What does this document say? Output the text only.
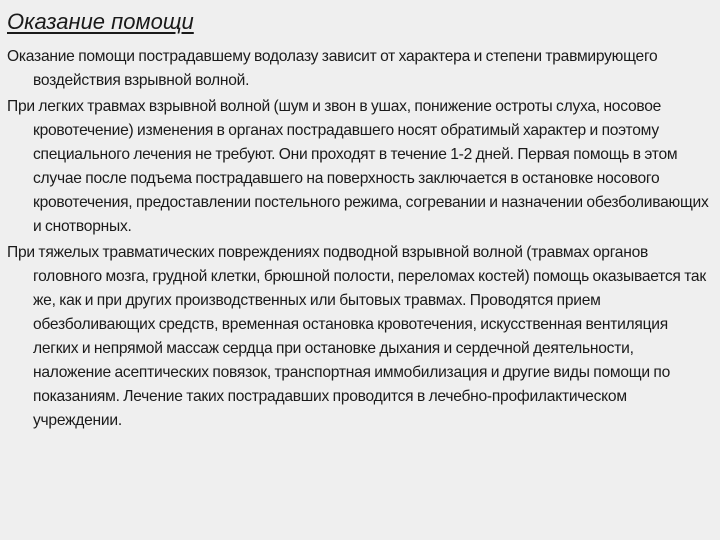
Оказание помощи

Оказание помощи пострадавшему водолазу зависит от характера и степени травмирующего воздействия взрывной волной.

При легких травмах взрывной волной (шум и звон в ушах, понижение остроты слуха, носовое кровотечение) изменения в органах пострадавшего носят обратимый характер и поэтому специального лечения не требуют. Они проходят в течение 1-2 дней. Первая помощь в этом случае после подъема пострадавшего на поверхность заключается в остановке носового кровотечения, предоставлении постельного режима, согревании и назначении обезболивающих и снотворных.

При тяжелых травматических повреждениях подводной взрывной волной (травмах органов головного мозга, грудной клетки, брюшной полости, переломах костей) помощь оказывается так же, как и при других производственных или бытовых травмах. Проводятся прием обезболивающих средств, временная остановка кровотечения, искусственная вентиляция легких и непрямой массаж сердца при остановке дыхания и сердечной деятельности, наложение асептических повязок, транспортная иммобилизация и другие виды помощи по показаниям. Лечение таких пострадавших проводится в лечебно-профилактическом учреждении.
